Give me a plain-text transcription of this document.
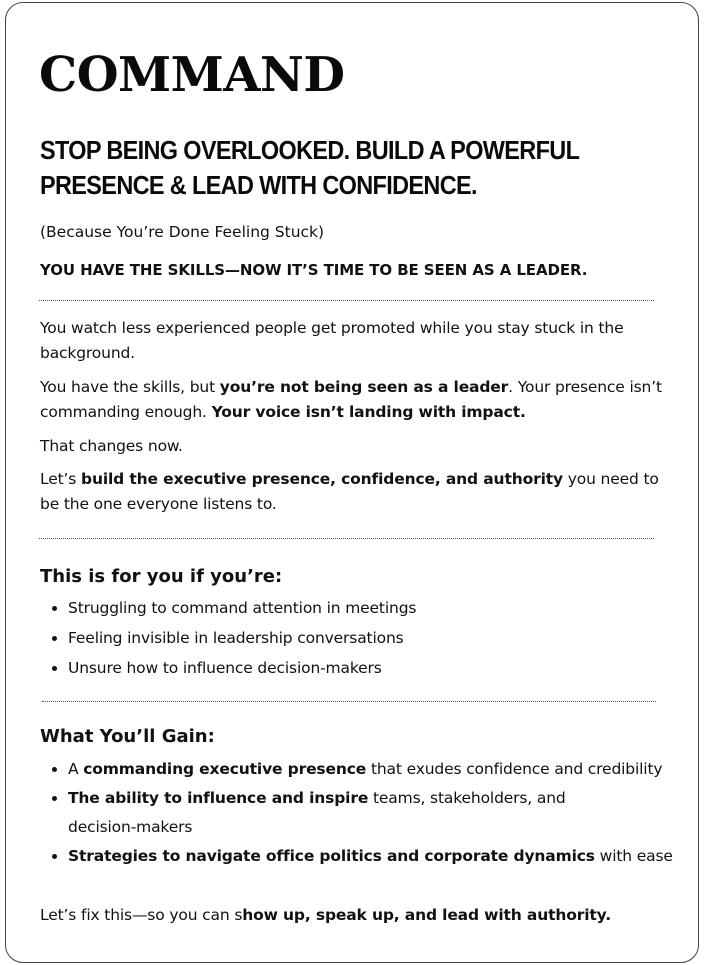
COMMAND
STOP BEING OVERLOOKED. BUILD A POWERFUL PRESENCE & LEAD WITH CONFIDENCE.

(Because You’re Done Feeling Stuck)

YOU HAVE THE SKILLS—NOW IT’S TIME TO BE SEEN AS A LEADER.

You watch less experienced people get promoted while you stay stuck in the background.

You have the skills, but you’re not being seen as a leader. Your presence isn’t commanding enough. Your voice isn’t landing with impact.

That changes now.

Let’s build the executive presence, confidence, and authority you need to be the one everyone listens to.

This is for you if you’re:
• Struggling to command attention in meetings
• Feeling invisible in leadership conversations
• Unsure how to influence decision-makers
What You’ll Gain:
• A commanding executive presence that exudes confidence and credibility
• The ability to influence and inspire teams, stakeholders, and decision-makers
• Strategies to navigate office politics and corporate dynamics with ease

Let’s fix this—so you can show up, speak up, and lead with authority.
